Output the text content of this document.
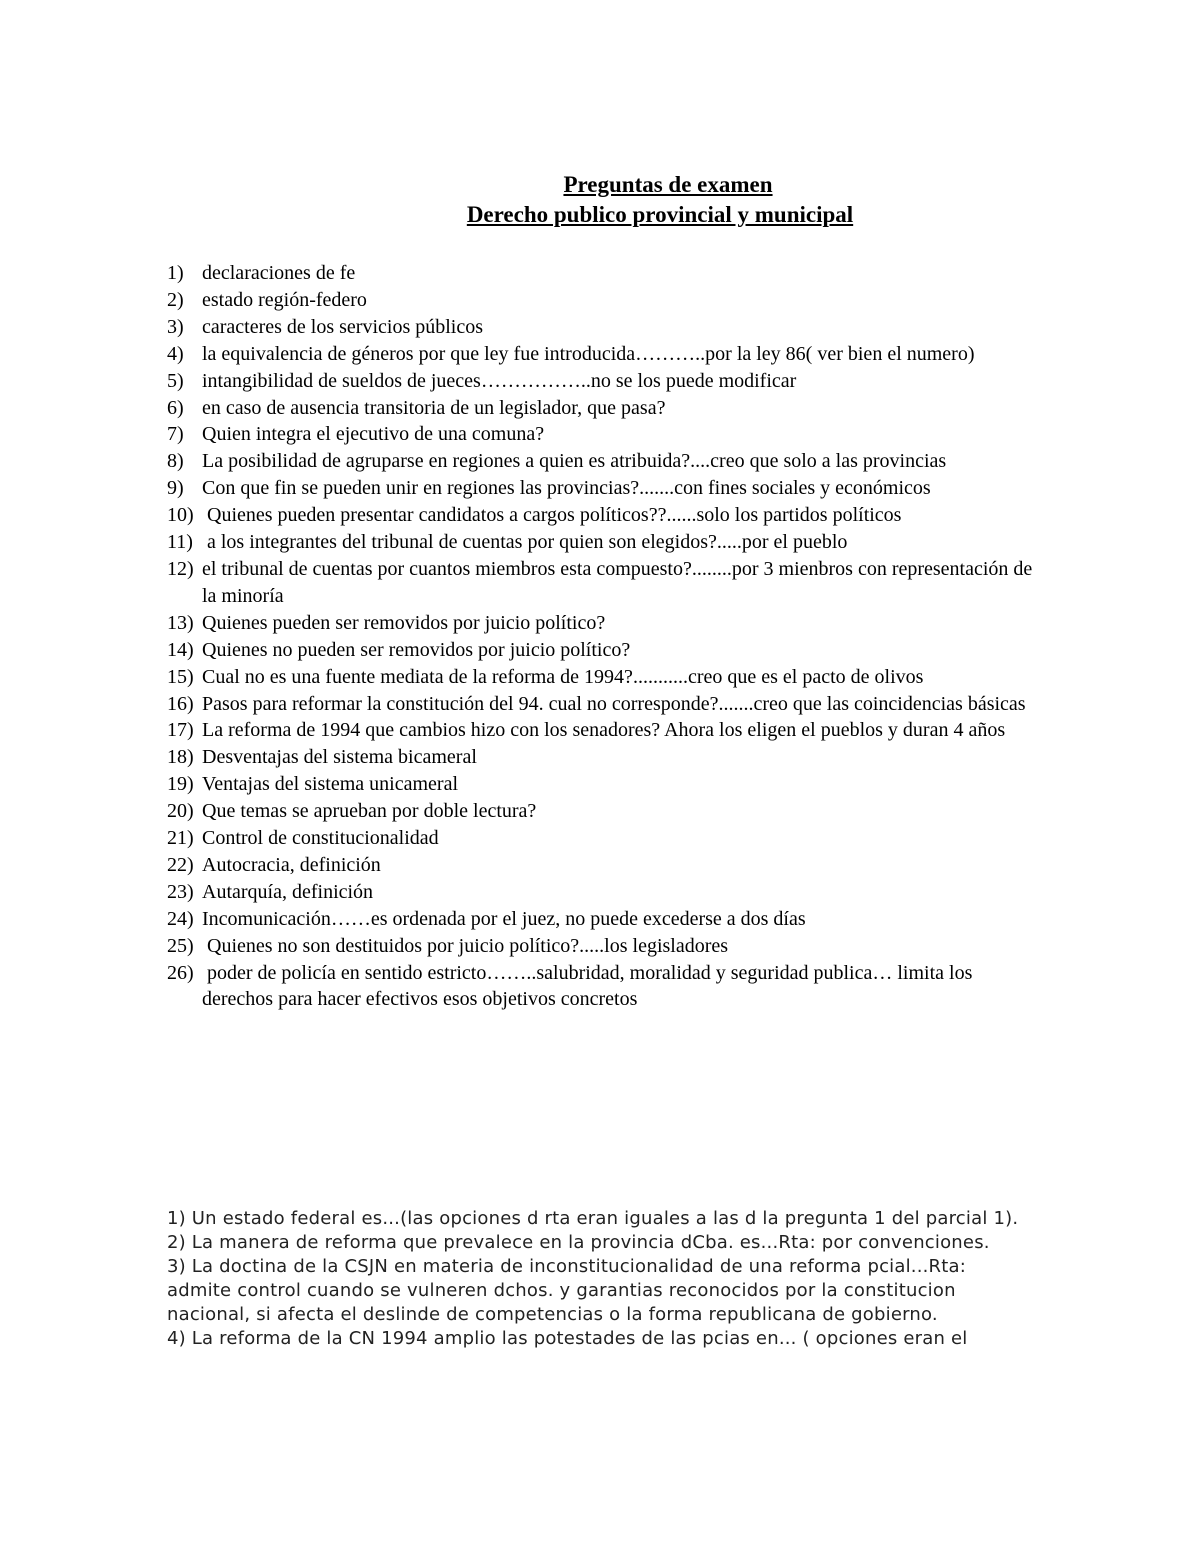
Preguntas de examen
Derecho publico provincial y municipal
1) declaraciones de fe
2) estado región-federo
3) caracteres de los servicios públicos
4) la equivalencia de géneros por que ley fue introducida………..por la ley 86( ver bien el numero)
5) intangibilidad de sueldos de jueces……………..no se los puede modificar
6) en caso de ausencia transitoria de un legislador, que pasa?
7) Quien integra el ejecutivo de una comuna?
8) La posibilidad de agruparse en regiones a quien es atribuida?....creo que solo a las provincias
9) Con que fin se pueden unir en regiones las provincias?.......con fines sociales y económicos
10) Quienes pueden presentar candidatos a cargos políticos??......solo los partidos políticos
11) a los integrantes del tribunal de cuentas por quien son elegidos?.....por el pueblo
12) el tribunal de cuentas por cuantos miembros esta compuesto?........por 3 mienbros con representación de la minoría
13) Quienes pueden ser removidos por juicio político?
14) Quienes no pueden ser removidos por juicio político?
15) Cual no es una fuente mediata de la reforma de 1994?...........creo que es el pacto de olivos
16) Pasos para reformar la constitución del 94. cual no corresponde?.......creo que las coincidencias básicas
17) La reforma de 1994 que cambios hizo con los senadores? Ahora los eligen el pueblos y duran 4 años
18) Desventajas del sistema bicameral
19) Ventajas del sistema unicameral
20) Que temas se aprueban por doble lectura?
21) Control de constitucionalidad
22) Autocracia, definición
23) Autarquía, definición
24) Incomunicación……es ordenada por el juez, no puede excederse a dos días
25) Quienes no son destituidos por juicio político?.....los legisladores
26) poder de policía en sentido estricto……..salubridad, moralidad y seguridad publica… limita los derechos para hacer efectivos esos objetivos concretos

1) Un estado federal es...(las opciones d rta eran iguales a las d la pregunta 1 del parcial 1).

2) La manera de reforma que prevalece en la provincia dCba. es...Rta: por convenciones.

3) La doctina de la CSJN en materia de inconstitucionalidad de una reforma pcial...Rta: admite control cuando se vulneren dchos. y garantias reconocidos por la constitucion nacional, si afecta el deslinde de competencias o la forma republicana de gobierno.

4) La reforma de la CN 1994 amplio las potestades de las pcias en... ( opciones eran el
